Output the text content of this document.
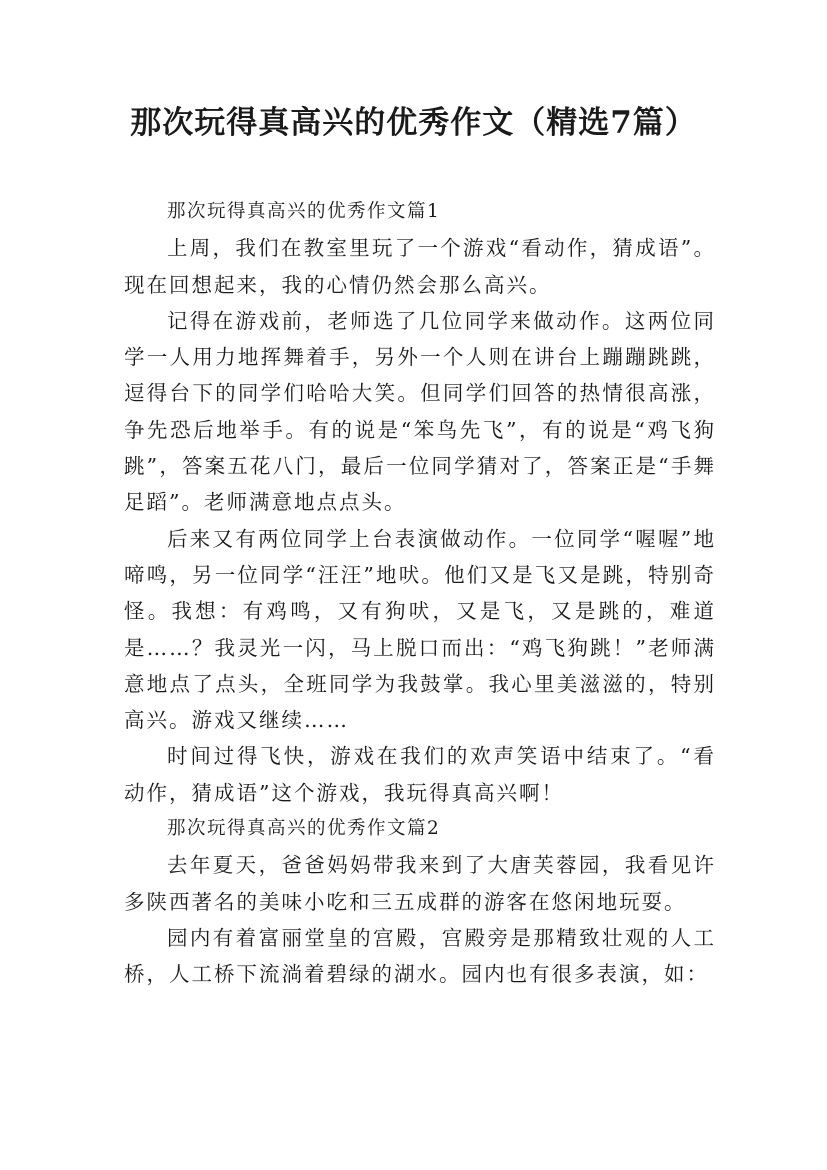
那次玩得真高兴的优秀作文（精选7篇）

那次玩得真高兴的优秀作文篇1

上周，我们在教室里玩了一个游戏“看动作，猜成语”。现在回想起来，我的心情仍然会那么高兴。

记得在游戏前，老师选了几位同学来做动作。这两位同学一人用力地挥舞着手，另外一个人则在讲台上蹦蹦跳跳，逗得台下的同学们哈哈大笑。但同学们回答的热情很高涨，争先恐后地举手。有的说是“笨鸟先飞”，有的说是“鸡飞狗跳”，答案五花八门，最后一位同学猜对了，答案正是“手舞足蹈”。老师满意地点点头。

后来又有两位同学上台表演做动作。一位同学“喔喔”地啼鸣，另一位同学“汪汪”地吠。他们又是飞又是跳，特别奇怪。我想：有鸡鸣，又有狗吠，又是飞，又是跳的，难道是……？我灵光一闪，马上脱口而出：“鸡飞狗跳！”老师满意地点了点头，全班同学为我鼓掌。我心里美滋滋的，特别高兴。游戏又继续……

时间过得飞快，游戏在我们的欢声笑语中结束了。“看动作，猜成语”这个游戏，我玩得真高兴啊！

那次玩得真高兴的优秀作文篇2

去年夏天，爸爸妈妈带我来到了大唐芙蓉园，我看见许多陕西著名的美味小吃和三五成群的游客在悠闲地玩耍。

园内有着富丽堂皇的宫殿，宫殿旁是那精致壮观的人工桥，人工桥下流淌着碧绿的湖水。园内也有很多表演，如：
